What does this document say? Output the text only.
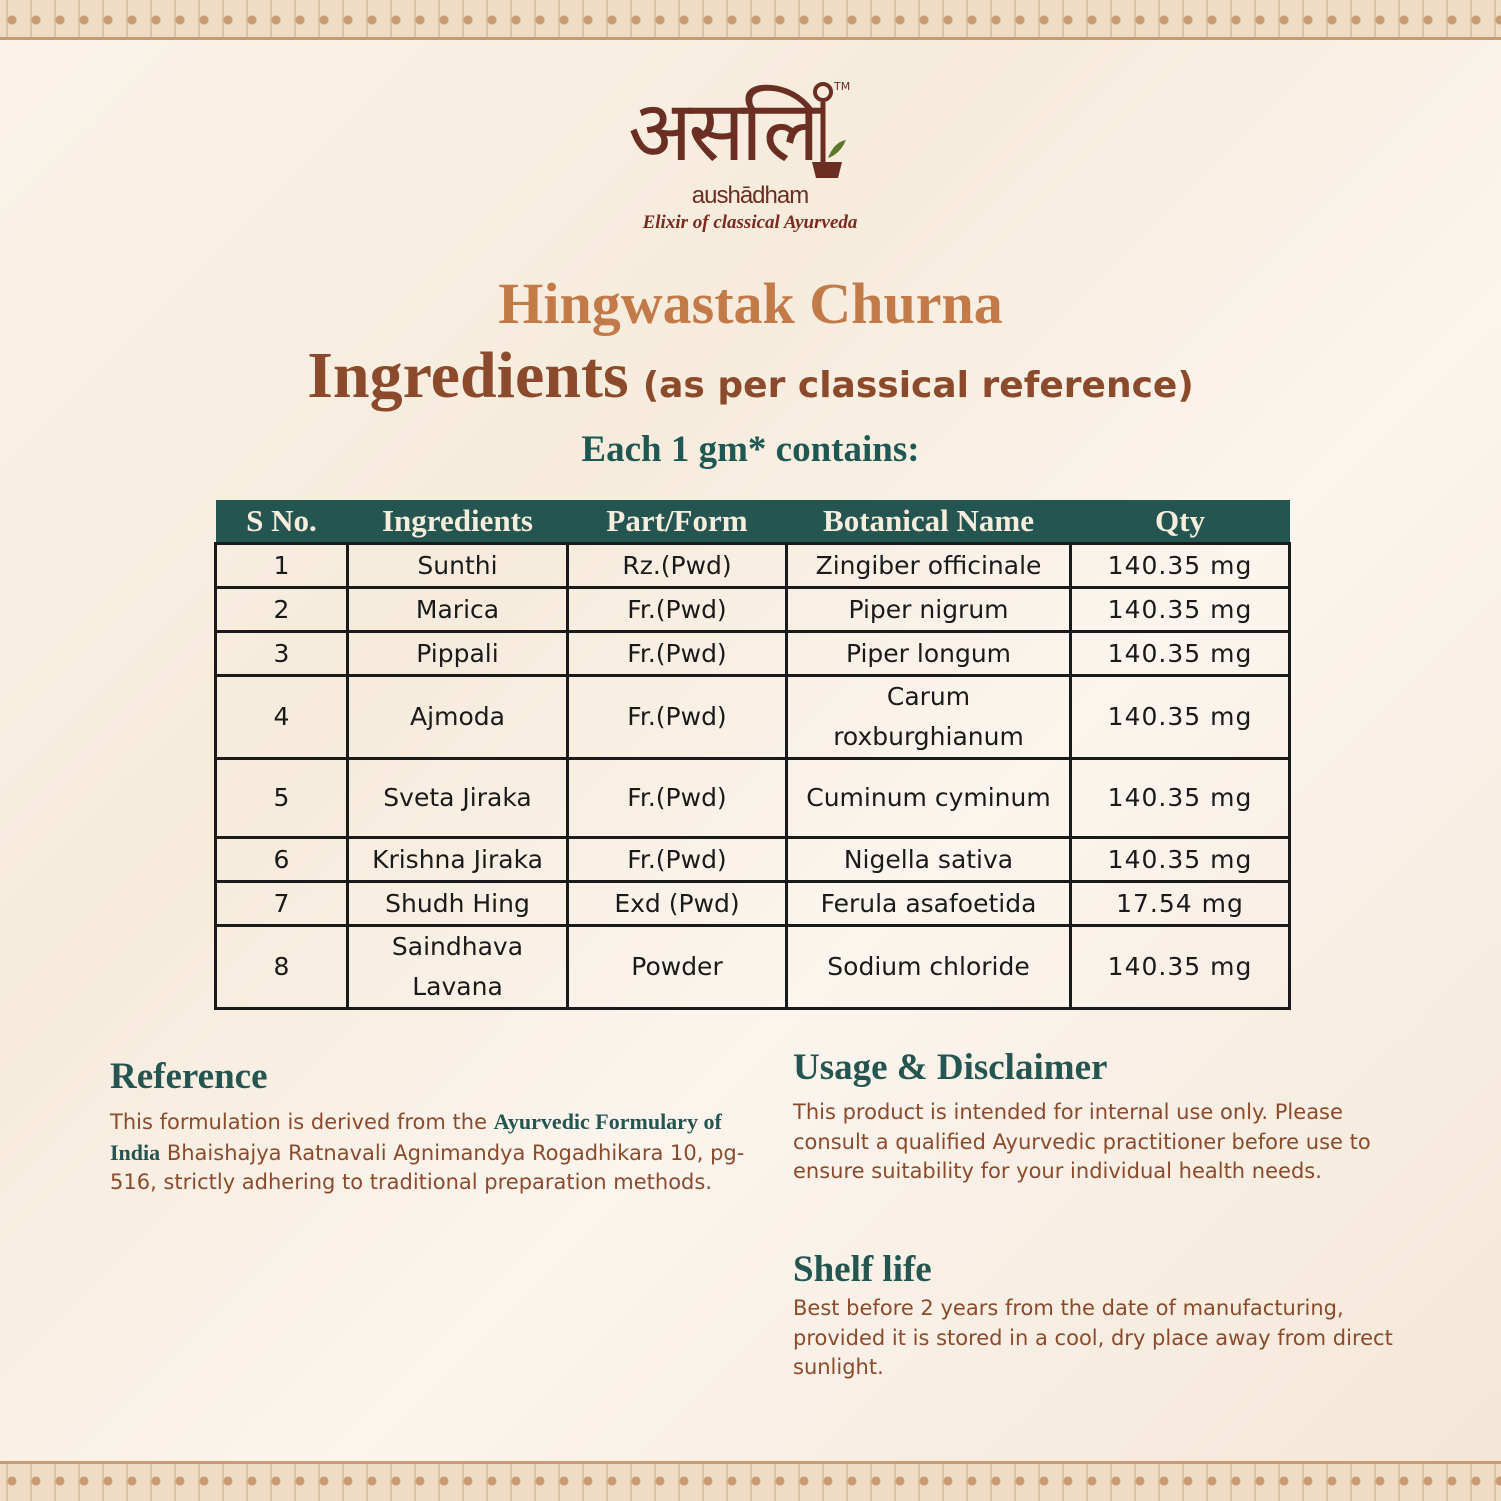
असलि	TM
aushādham
Elixir of classical Ayurveda
Hingwastak Churna
Ingredients (as per classical reference)
Each 1 gm* contains:
S No.	Ingredients	Part/Form	Botanical Name	Qty
1	Sunthi	Rz.(Pwd)	Zingiber officinale	140.35 mg
2	Marica	Fr.(Pwd)	Piper nigrum	140.35 mg
3	Pippali	Fr.(Pwd)	Piper longum	140.35 mg
4	Ajmoda	Fr.(Pwd)	Carum roxburghianum	140.35 mg
5	Sveta Jiraka	Fr.(Pwd)	Cuminum cyminum	140.35 mg
6	Krishna Jiraka	Fr.(Pwd)	Nigella sativa	140.35 mg
7	Shudh Hing	Exd (Pwd)	Ferula asafoetida	17.54 mg
8	Saindhava Lavana	Powder	Sodium chloride	140.35 mg
Reference
This formulation is derived from the Ayurvedic Formulary of India Bhaishajya Ratnavali Agnimandya Rogadhikara 10, pg- 516, strictly adhering to traditional preparation methods.
Usage & Disclaimer
This product is intended for internal use only. Please consult a qualified Ayurvedic practitioner before use to ensure suitability for your individual health needs.
Shelf life
Best before 2 years from the date of manufacturing, provided it is stored in a cool, dry place away from direct sunlight.
